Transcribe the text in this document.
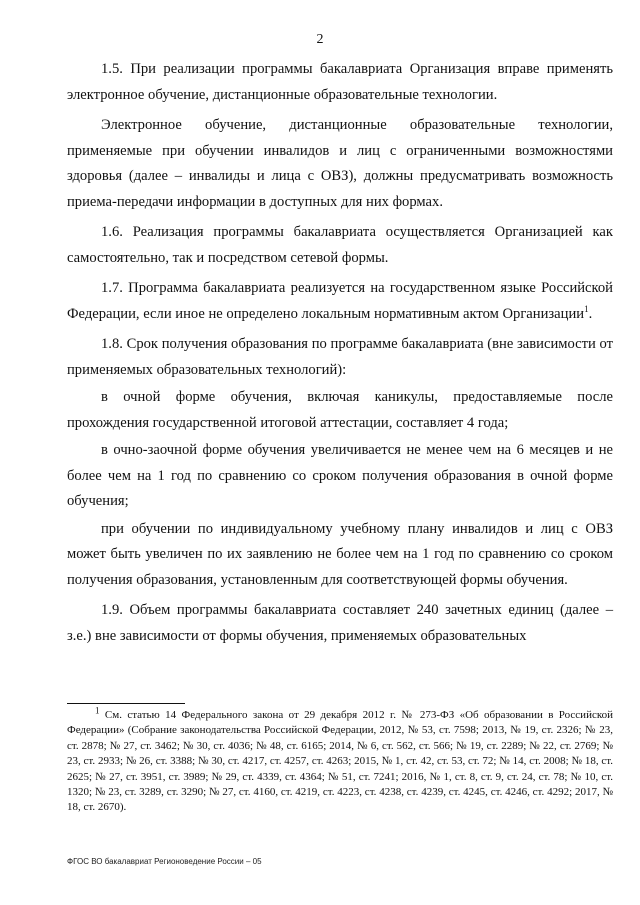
2

1.5. При реализации программы бакалавриата Организация вправе применять электронное обучение, дистанционные образовательные технологии.

Электронное обучение, дистанционные образовательные технологии, применяемые при обучении инвалидов и лиц с ограниченными возможностями здоровья (далее – инвалиды и лица с ОВЗ), должны предусматривать возможность приема-передачи информации в доступных для них формах.

1.6. Реализация программы бакалавриата осуществляется Организацией как самостоятельно, так и посредством сетевой формы.

1.7. Программа бакалавриата реализуется на государственном языке Российской Федерации, если иное не определено локальным нормативным актом Организации$^1$.

1.8. Срок получения образования по программе бакалавриата (вне зависимости от применяемых образовательных технологий):

в очной форме обучения, включая каникулы, предоставляемые после прохождения государственной итоговой аттестации, составляет 4 года;

в очно-заочной форме обучения увеличивается не менее чем на 6 месяцев и не более чем на 1 год по сравнению со сроком получения образования в очной форме обучения;

при обучении по индивидуальному учебному плану инвалидов и лиц с ОВЗ может быть увеличен по их заявлению не более чем на 1 год по сравнению со сроком получения образования, установленным для соответствующей формы обучения.

1.9. Объем программы бакалавриата составляет 240 зачетных единиц (далее – з.е.) вне зависимости от формы обучения, применяемых образовательных

$^1$ См. статью 14 Федерального закона от 29 декабря 2012 г. № 273-ФЗ «Об образовании в Российской Федерации» (Собрание законодательства Российской Федерации, 2012, № 53, ст. 7598; 2013, № 19, ст. 2326; № 23, ст. 2878; № 27, ст. 3462; № 30, ст. 4036; № 48, ст. 6165; 2014, № 6, ст. 562, ст. 566; № 19, ст. 2289; № 22, ст. 2769; № 23, ст. 2933; № 26, ст. 3388; № 30, ст. 4217, ст. 4257, ст. 4263; 2015, № 1, ст. 42, ст. 53, ст. 72; № 14, ст. 2008; № 18, ст. 2625; № 27, ст. 3951, ст. 3989; № 29, ст. 4339, ст. 4364; № 51, ст. 7241; 2016, № 1, ст. 8, ст. 9, ст. 24, ст. 78; № 10, ст. 1320; № 23, ст. 3289, ст. 3290; № 27, ст. 4160, ст. 4219, ст. 4223, ст. 4238, ст. 4239, ст. 4245, ст. 4246, ст. 4292; 2017, № 18, ст. 2670).

ФГОС ВО бакалавриат Регионоведение России – 05
